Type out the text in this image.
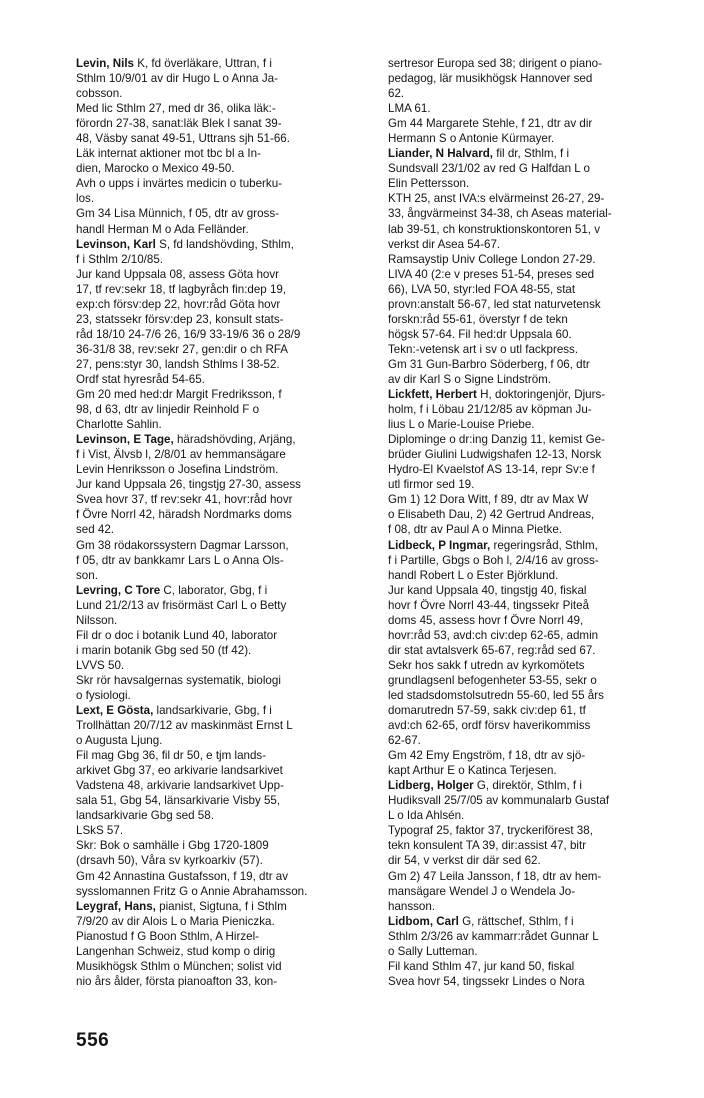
Levin, Nils K, fd överläkare, Uttran, f i
Sthlm 10/9/01 av dir Hugo L o Anna Ja-
cobsson.
Med lic Sthlm 27, med dr 36, olika läk:-
förordn 27-38, sanat:läk Blek l sanat 39-
48, Väsby sanat 49-51, Uttrans sjh 51-66.
Läk internat aktioner mot tbc bl a In-
dien, Marocko o Mexico 49-50.
Avh o upps i invärtes medicin o tuberku-
los.
Gm 34 Lisa Münnich, f 05, dtr av gross-
handl Herman M o Ada Felländer.
Levinson, Karl S, fd landshövding, Sthlm,
f i Sthlm 2/10/85.
Jur kand Uppsala 08, assess Göta hovr
17, tf rev:sekr 18, tf lagbyråch fin:dep 19,
exp:ch försv:dep 22, hovr:råd Göta hovr
23, statssekr försv:dep 23, konsult stats-
råd 18/10 24-7/6 26, 16/9 33-19/6 36 o 28/9
36-31/8 38, rev:sekr 27, gen:dir o ch RFA
27, pens:styr 30, landsh Sthlms l 38-52.
Ordf stat hyresråd 54-65.
Gm 20 med hed:dr Margit Fredriksson, f
98, d 63, dtr av linjedir Reinhold F o
Charlotte Sahlin.
Levinson, E Tage, häradshövding, Arjäng,
f i Vist, Älvsb l, 2/8/01 av hemmansägare
Levin Henriksson o Josefina Lindström.
Jur kand Uppsala 26, tingstjg 27-30, assess
Svea hovr 37, tf rev:sekr 41, hovr:råd hovr
f Övre Norrl 42, häradsh Nordmarks doms
sed 42.
Gm 38 rödakorssystern Dagmar Larsson,
f 05, dtr av bankkamr Lars L o Anna Ols-
son.
Levring, C Tore C, laborator, Gbg, f i
Lund 21/2/13 av frisörmäst Carl L o Betty
Nilsson.
Fil dr o doc i botanik Lund 40, laborator
i marin botanik Gbg sed 50 (tf 42).
LVVS 50.
Skr rör havsalgernas systematik, biologi
o fysiologi.
Lext, E Gösta, landsarkivarie, Gbg, f i
Trollhättan 20/7/12 av maskinmäst Ernst L
o Augusta Ljung.
Fil mag Gbg 36, fil dr 50, e tjm lands-
arkivet Gbg 37, eo arkivarie landsarkivet
Vadstena 48, arkivarie landsarkivet Upp-
sala 51, Gbg 54, länsarkivarie Visby 55,
landsarkivarie Gbg sed 58.
LSkS 57.
Skr: Bok o samhälle i Gbg 1720-1809
(drsavh 50), Våra sv kyrkoarkiv (57).
Gm 42 Annastina Gustafsson, f 19, dtr av
sysslomannen Fritz G o Annie Abrahamsson.
Leygraf, Hans, pianist, Sigtuna, f i Sthlm
7/9/20 av dir Alois L o Maria Pieniczka.
Pianostud f G Boon Sthlm, A Hirzel-
Langenhan Schweiz, stud komp o dirig
Musikhögsk Sthlm o München; solist vid
nio års ålder, första pianoafton 33, kon-
sertresor Europa sed 38; dirigent o piano-
pedagog, lär musikhögsk Hannover sed
62.
LMA 61.
Gm 44 Margarete Stehle, f 21, dtr av dir
Hermann S o Antonie Kürmayer.
Liander, N Halvard, fil dr, Sthlm, f i
Sundsvall 23/1/02 av red G Halfdan L o
Elin Pettersson.
KTH 25, anst IVA:s elvärmeinst 26-27, 29-
33, ångvärmeinst 34-38, ch Aseas material-
lab 39-51, ch konstruktionskontoren 51, v
verkst dir Asea 54-67.
Ramsaystip Univ College London 27-29.
LIVA 40 (2:e v preses 51-54, preses sed
66), LVA 50, styr:led FOA 48-55, stat
provn:anstalt 56-67, led stat naturvetensk
forskn:råd 55-61, överstyr f de tekn
högsk 57-64. Fil hed:dr Uppsala 60.
Tekn:-vetensk art i sv o utl fackpress.
Gm 31 Gun-Barbro Söderberg, f 06, dtr
av dir Karl S o Signe Lindström.
Lickfett, Herbert H, doktoringenjör, Djurs-
holm, f i Löbau 21/12/85 av köpman Ju-
lius L o Marie-Louise Priebe.
Diplominge o dr:ing Danzig 11, kemist Ge-
brüder Giulini Ludwigshafen 12-13, Norsk
Hydro-El Kvaelstof AS 13-14, repr Sv:e f
utl firmor sed 19.
Gm 1) 12 Dora Witt, f 89, dtr av Max W
o Elisabeth Dau, 2) 42 Gertrud Andreas,
f 08, dtr av Paul A o Minna Pietke.
Lidbeck, P Ingmar, regeringsråd, Sthlm,
f i Partille, Gbgs o Boh l, 2/4/16 av gross-
handl Robert L o Ester Björklund.
Jur kand Uppsala 40, tingstjg 40, fiskal
hovr f Övre Norrl 43-44, tingssekr Piteå
doms 45, assess hovr f Övre Norrl 49,
hovr:råd 53, avd:ch civ:dep 62-65, admin
dir stat avtalsverk 65-67, reg:råd sed 67.
Sekr hos sakk f utredn av kyrkomötets
grundlagsenl befogenheter 53-55, sekr o
led stadsdomstolsutredn 55-60, led 55 års
domarutredn 57-59, sakk civ:dep 61, tf
avd:ch 62-65, ordf försv haverikommiss
62-67.
Gm 42 Emy Engström, f 18, dtr av sjö-
kapt Arthur E o Katinca Terjesen.
Lidberg, Holger G, direktör, Sthlm, f i
Hudiksvall 25/7/05 av kommunalarb Gustaf
L o Ida Ahlsén.
Typograf 25, faktor 37, tryckeriförest 38,
tekn konsulent TA 39, dir:assist 47, bitr
dir 54, v verkst dir där sed 62.
Gm 2) 47 Leila Jansson, f 18, dtr av hem-
mansägare Wendel J o Wendela Jo-
hansson.
Lidbom, Carl G, rättschef, Sthlm, f i
Sthlm 2/3/26 av kammarr:rådet Gunnar L
o Sally Lutteman.
Fil kand Sthlm 47, jur kand 50, fiskal
Svea hovr 54, tingssekr Lindes o Nora
556
